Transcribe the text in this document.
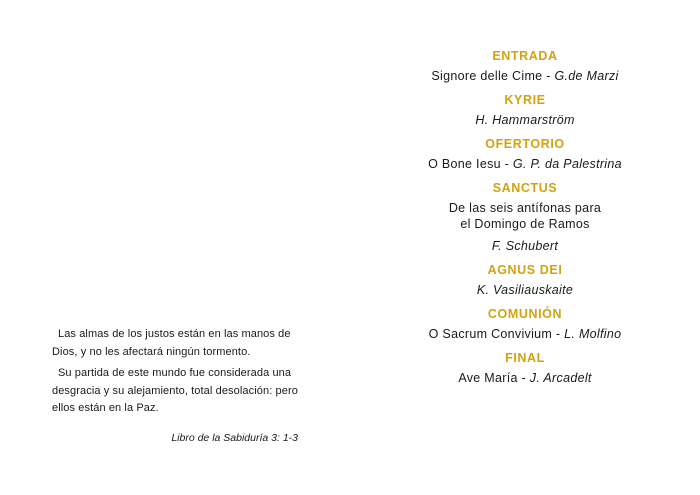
Las almas de los justos están en las manos de Dios, y no les afectará ningún tormento.

Su partida de este mundo fue considerada una desgracia y su alejamiento, total desolación: pero ellos están en la Paz.

Libro de la Sabiduría 3: 1-3
ENTRADA
Signore delle Cime - G.de Marzi
KYRIE
H. Hammarström
OFERTORIO
O Bone Iesu - G. P. da Palestrina
SANCTUS
De las seis antífonas para
el Domingo de Ramos
F. Schubert
AGNUS DEI
K. Vasiliauskaite
COMUNIÓN
O Sacrum Convivium - L. Molfino
FINAL
Ave María - J. Arcadelt
